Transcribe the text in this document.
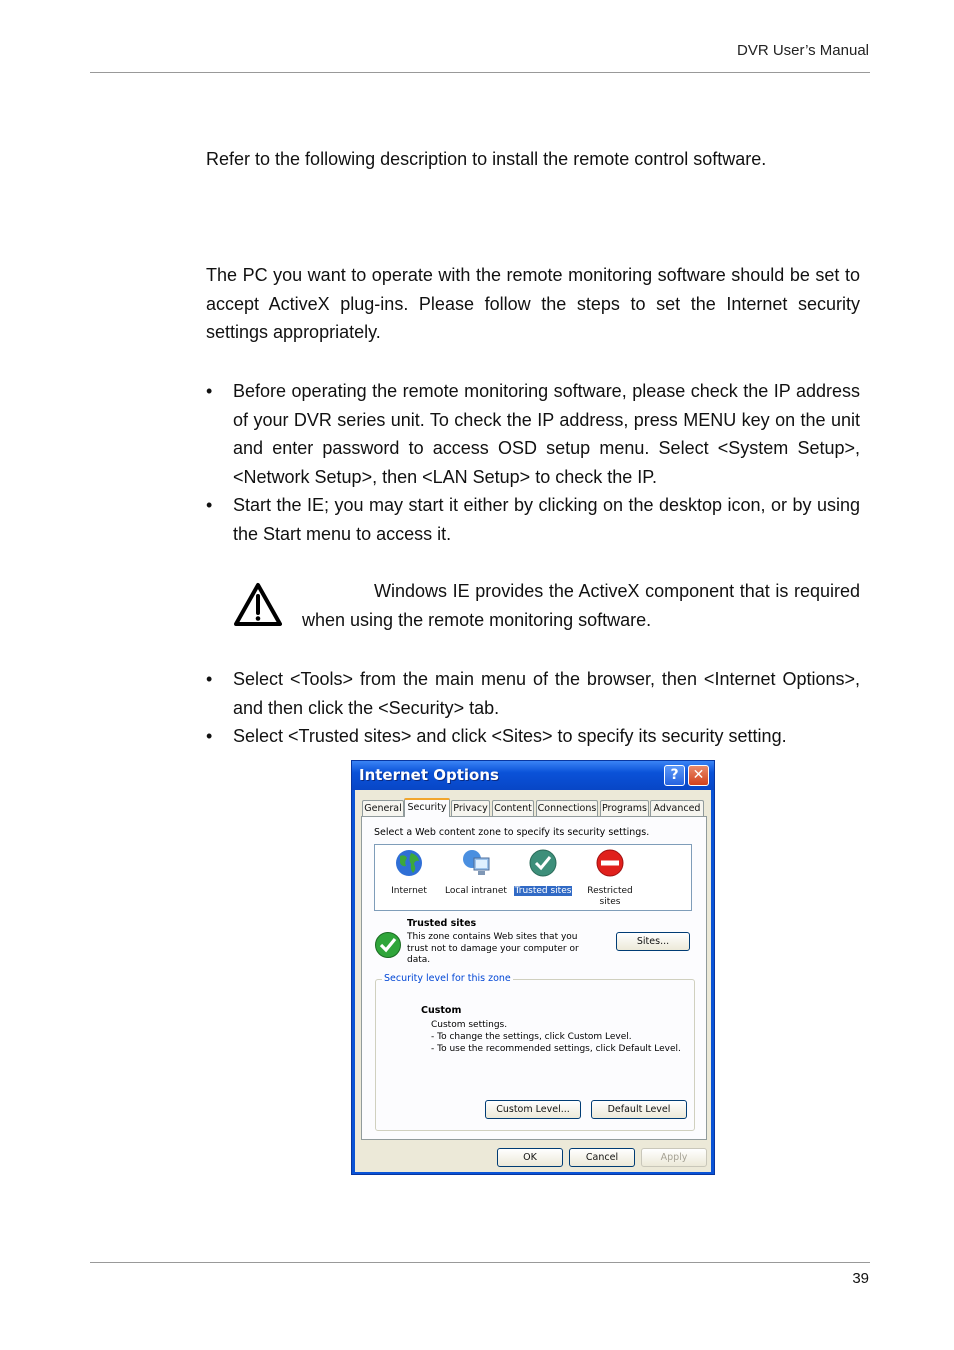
DVR User’s Manual
Refer to the following description to install the remote control software.
The PC you want to operate with the remote monitoring software should be set to accept ActiveX plug-ins. Please follow the steps to set the Internet security settings appropriately.
• Before operating the remote monitoring software, please check the IP address of your DVR series unit. To check the IP address, press MENU key on the unit and enter password to access OSD setup menu. Select <System Setup>, <Network Setup>, then <LAN Setup> to check the IP.
• Start the IE; you may start it either by clicking on the desktop icon, or by using the Start menu to access it.
Windows IE provides the ActiveX component that is required when using the remote monitoring software.
• Select <Tools> from the main menu of the browser, then <Internet Options>, and then click the <Security> tab.
• Select <Trusted sites> and click <Sites> to specify its security setting.
Internet Options	?	✕
General Security Privacy Content Connections Programs Advanced
Select a Web content zone to specify its security settings.
Internet	Local intranet Trusted sites	Restricted sites
Trusted sites
This zone contains Web sites that you
trust not to damage your computer or
data.
Sites...
Security level for this zone
Custom
Custom settings.
- To change the settings, click Custom Level.
- To use the recommended settings, click Default Level.
Custom Level...	Default Level
OK	Cancel	Apply
39
